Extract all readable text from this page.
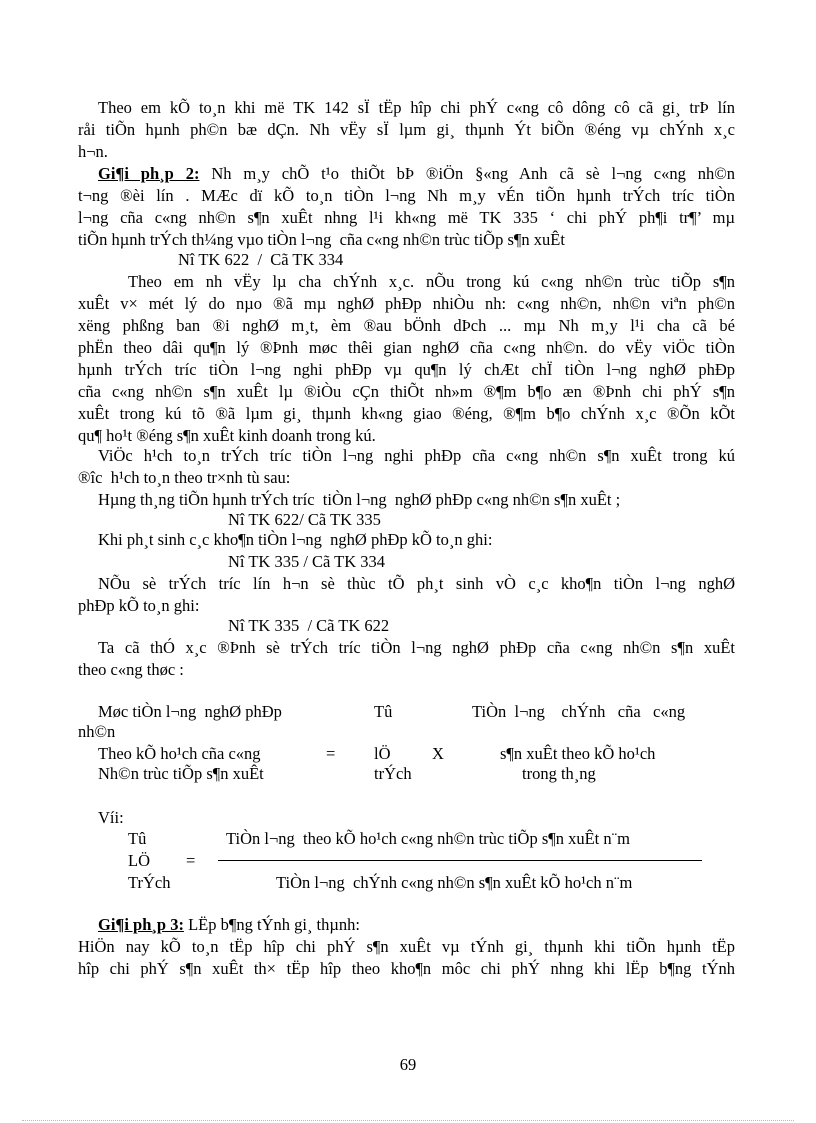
Theo em kÕ to¸n khi më TK 142 sÏ tËp hîp chi phÝ c«ng cô dông cô cã gi¸ trÞ lín
råi tiÕn hµnh ph©n bæ dÇn. Nh vËy sÏ lµm gi¸ thµnh Ýt biÕn ®éng vµ chÝnh x¸c
h¬n.
Gi¶i ph¸p 2: Nh m¸y chÕ t¹o thiÕt bÞ ®iÖn §«ng Anh cã sè l¬ng c«ng nh©n
t¬ng ®èi lín . MÆc dï kÕ to¸n tiÒn l¬ng Nh m¸y vÉn tiÕn hµnh trÝch tríc tiÒn
l¬ng cña c«ng nh©n s¶n xuÊt nhng l¹i kh«ng më TK 335 ‘ chi phÝ ph¶i tr¶’ mµ
tiÕn hµnh trÝch th¼ng vµo tiÒn l¬ng  cña c«ng nh©n trùc tiÕp s¶n xuÊt
Nî TK 622  /  Cã TK 334
Theo em nh vËy lµ cha chÝnh x¸c. nÕu trong kú c«ng nh©n trùc tiÕp s¶n
xuÊt v× mét lý do nµo ®ã mµ nghØ phÐp nhiÒu nh: c«ng nh©n, nh©n viªn ph©n
xëng phßng ban ®i nghØ m¸t, èm ®au bÖnh dÞch ... mµ Nh m¸y l¹i cha cã bé
phËn theo dâi qu¶n lý ®Þnh møc thêi gian nghØ cña c«ng nh©n. do vËy viÖc tiÒn
hµnh trÝch tríc tiÒn l¬ng nghi phÐp vµ qu¶n lý chÆt chÏ tiÒn l¬ng nghØ phÐp
cña c«ng nh©n s¶n xuÊt lµ ®iÒu cÇn thiÕt nh»m ®¶m b¶o æn ®Þnh chi phÝ s¶n
xuÊt trong kú tõ ®ã lµm gi¸ thµnh kh«ng giao ®éng, ®¶m b¶o chÝnh x¸c ®Õn kÕt
qu¶ ho¹t ®éng s¶n xuÊt kinh doanh trong kú.
ViÖc h¹ch to¸n trÝch tríc tiÒn l¬ng nghi phÐp cña c«ng nh©n s¶n xuÊt trong kú
®îc  h¹ch to¸n theo tr×nh tù sau:
Hµng th¸ng tiÕn hµnh trÝch tríc  tiÒn l¬ng  nghØ phÐp c«ng nh©n s¶n xuÊt ;
Nî TK 622/ Cã TK 335
Khi ph¸t sinh c¸c kho¶n tiÒn l¬ng  nghØ phÐp kÕ to¸n ghi:
Nî TK 335 / Cã TK 334
NÕu sè trÝch tríc lín h¬n sè thùc tÕ ph¸t sinh vÒ c¸c kho¶n tiÒn l¬ng nghØ
phÐp kÕ to¸n ghi:
Nî TK 335  / Cã TK 622
Ta cã thÓ x¸c ®Þnh sè trÝch tríc tiÒn l¬ng nghØ phÐp cña c«ng nh©n s¶n xuÊt
theo c«ng thøc :
Møc tiÒn l¬ng  nghØ phÐp	Tû	TiÒn  l¬ng    chÝnh   cña   c«ng
nh©n
Theo kÕ ho¹ch cña c«ng	= lÖ	X	s¶n xuÊt theo kÕ ho¹ch
Nh©n trùc tiÕp s¶n xuÊt	trÝch	trong th¸ng
Víi:
Tû	TiÒn l¬ng  theo kÕ ho¹ch c«ng nh©n trùc tiÕp s¶n xuÊt n¨m
LÖ =
TrÝch	TiÒn l¬ng  chÝnh c«ng nh©n s¶n xuÊt kÕ ho¹ch n¨m
Gi¶i ph¸p 3: LËp b¶ng tÝnh gi¸ thµnh:
HiÖn nay kÕ to¸n tËp hîp chi phÝ s¶n xuÊt vµ tÝnh gi¸ thµnh khi tiÕn hµnh tËp
hîp chi phÝ s¶n xuÊt th× tËp hîp theo kho¶n môc chi phÝ nhng khi lËp b¶ng tÝnh
69
